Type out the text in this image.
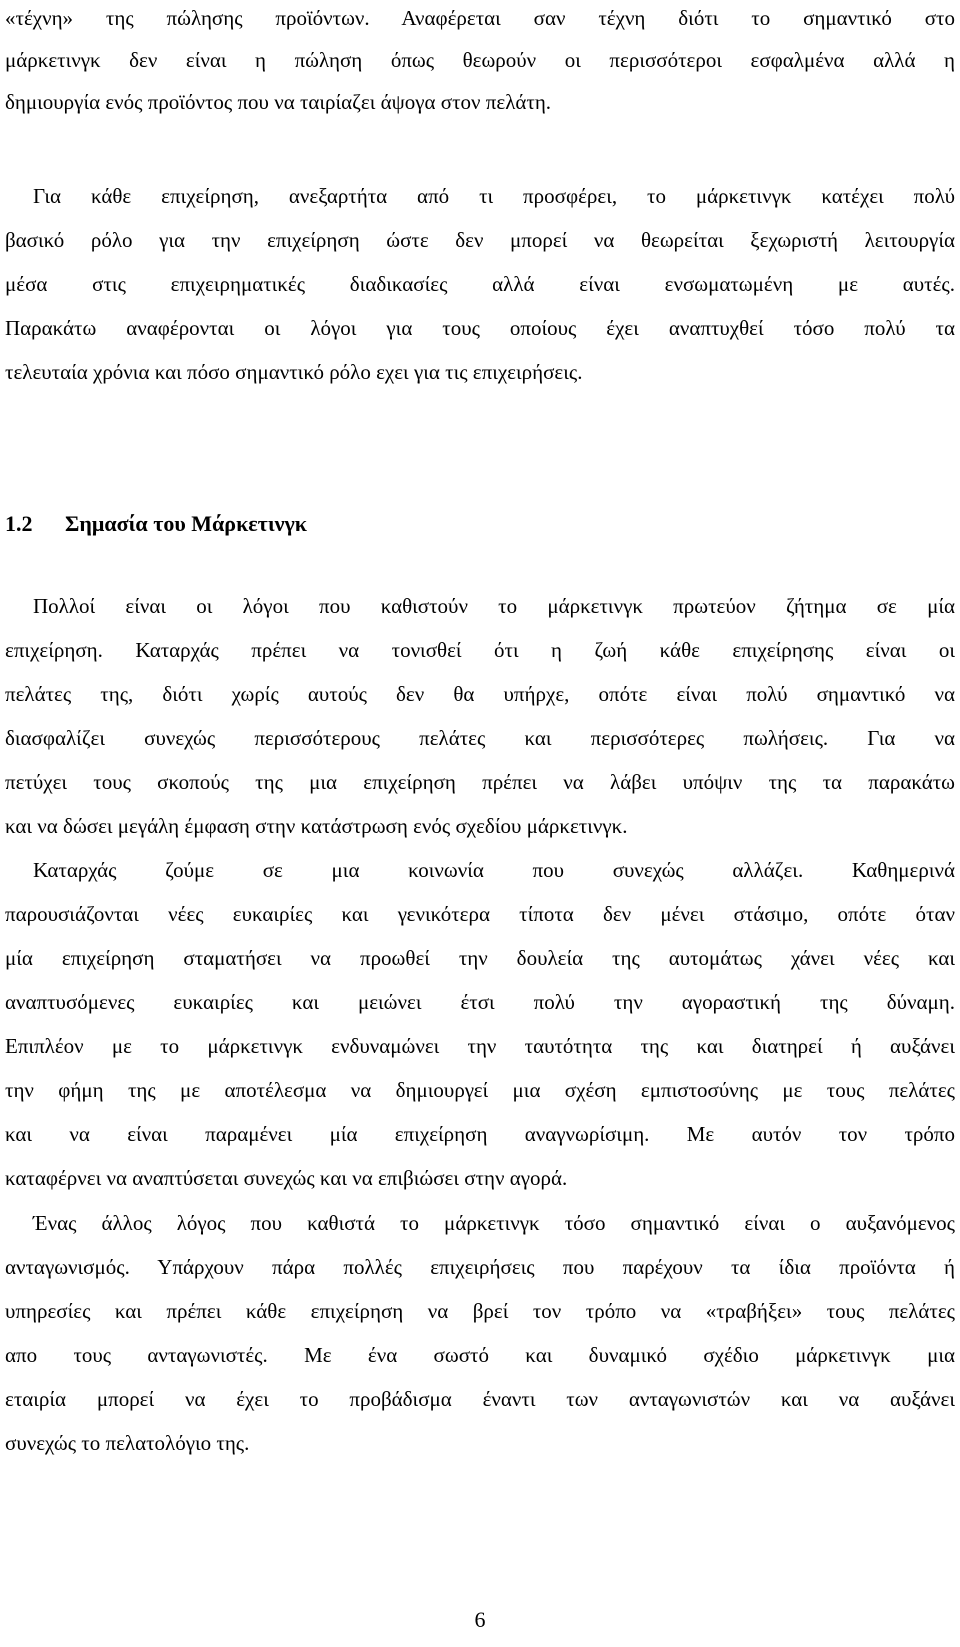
«τέχνη» της πώλησης προϊόντων. Αναφέρεται σαν τέχνη διότι το σημαντικό στο
μάρκετινγκ δεν είναι η πώληση όπως θεωρούν οι περισσότεροι εσφαλμένα αλλά η
δημιουργία ενός προϊόντος που να ταιρίαζει άψογα στον πελάτη.
Για κάθε επιχείρηση, ανεξαρτήτα από τι προσφέρει, το μάρκετινγκ κατέχει πολύ
βασικό ρόλο για την επιχείρηση ώστε δεν μπορεί να θεωρείται ξεχωριστή λειτουργία
μέσα στις επιχειρηματικές διαδικασίες αλλά είναι ενσωματωμένη με αυτές.
Παρακάτω αναφέρονται οι λόγοι για τους οποίους έχει αναπτυχθεί τόσο πολύ τα
τελευταία χρόνια και πόσο σημαντικό ρόλο εχει για τις επιχειρήσεις.
1.2 Σημασία του Μάρκετινγκ
Πολλοί είναι οι λόγοι που καθιστούν το μάρκετινγκ πρωτεύον ζήτημα σε μία
επιχείρηση. Καταρχάς πρέπει να τονισθεί ότι η ζωή κάθε επιχείρησης είναι οι
πελάτες της, διότι χωρίς αυτούς δεν θα υπήρχε, οπότε είναι πολύ σημαντικό να
διασφαλίζει συνεχώς περισσότερους πελάτες και περισσότερες πωλήσεις. Για να
πετύχει τους σκοπούς της μια επιχείρηση πρέπει να λάβει υπόψιν της τα παρακάτω
και να δώσει μεγάλη έμφαση στην κατάστρωση ενός σχεδίου μάρκετινγκ.
Καταρχάς ζούμε σε μια κοινωνία που συνεχώς αλλάζει. Καθημερινά
παρουσιάζονται νέες ευκαιρίες και γενικότερα τίποτα δεν μένει στάσιμο, οπότε όταν
μία επιχείρηση σταματήσει να προωθεί την δουλεία της αυτομάτως χάνει νέες και
αναπτυσόμενες ευκαιρίες και μειώνει έτσι πολύ την αγοραστική της δύναμη.
Επιπλέον με το μάρκετινγκ ενδυναμώνει την ταυτότητα της και διατηρεί ή αυξάνει
την φήμη της με αποτέλεσμα να δημιουργεί μια σχέση εμπιστοσύνης με τους πελάτες
και να είναι παραμένει μία επιχείρηση αναγνωρίσιμη. Με αυτόν τον τρόπο
καταφέρνει να αναπτύσεται συνεχώς και να επιβιώσει στην αγορά.
Ένας άλλος λόγος που καθιστά το μάρκετινγκ τόσο σημαντικό είναι ο αυξανόμενος
ανταγωνισμός. Υπάρχουν πάρα πολλές επιχειρήσεις που παρέχουν τα ίδια προϊόντα ή
υπηρεσίες και πρέπει κάθε επιχείρηση να βρεί τον τρόπο να «τραβήξει» τους πελάτες
απο τους ανταγωνιστές. Με ένα σωστό και δυναμικό σχέδιο μάρκετινγκ μια
εταιρία μπορεί να έχει το προβάδισμα έναντι των ανταγωνιστών και να αυξάνει
συνεχώς το πελατολόγιο της.
6
